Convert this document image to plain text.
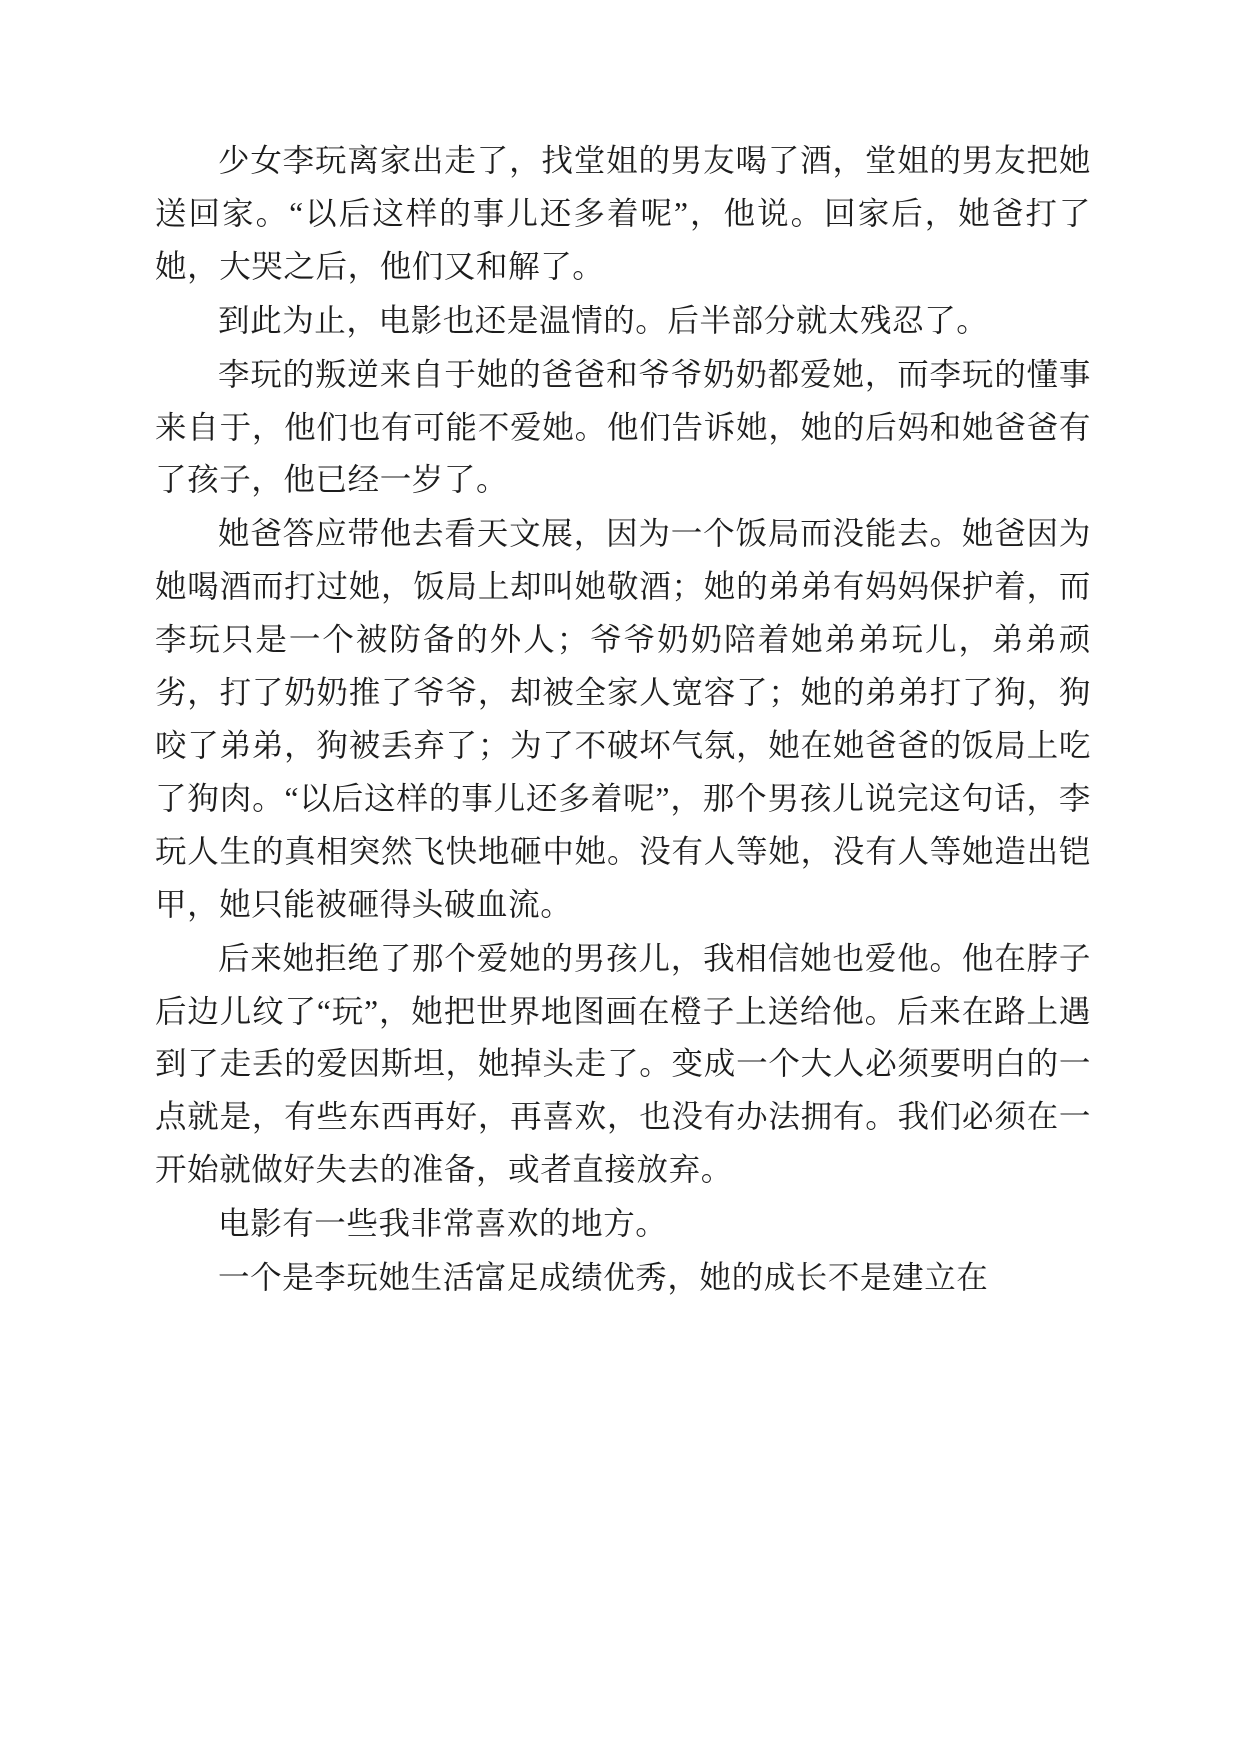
少女李玩离家出走了，找堂姐的男友喝了酒，堂姐的男友把她送回家。“以后这样的事儿还多着呢”，他说。回家后，她爸打了她，大哭之后，他们又和解了。

到此为止，电影也还是温情的。后半部分就太残忍了。

李玩的叛逆来自于她的爸爸和爷爷奶奶都爱她，而李玩的懂事来自于，他们也有可能不爱她。他们告诉她，她的后妈和她爸爸有了孩子，他已经一岁了。

她爸答应带他去看天文展，因为一个饭局而没能去。她爸因为她喝酒而打过她，饭局上却叫她敬酒；她的弟弟有妈妈保护着，而李玩只是一个被防备的外人；爷爷奶奶陪着她弟弟玩儿，弟弟顽劣，打了奶奶推了爷爷，却被全家人宽容了；她的弟弟打了狗，狗咬了弟弟，狗被丢弃了；为了不破坏气氛，她在她爸爸的饭局上吃了狗肉。“以后这样的事儿还多着呢”，那个男孩儿说完这句话，李玩人生的真相突然飞快地砸中她。没有人等她，没有人等她造出铠甲，她只能被砸得头破血流。

后来她拒绝了那个爱她的男孩儿，我相信她也爱他。他在脖子后边儿纹了“玩”，她把世界地图画在橙子上送给他。后来在路上遇到了走丢的爱因斯坦，她掉头走了。变成一个大人必须要明白的一点就是，有些东西再好，再喜欢，也没有办法拥有。我们必须在一开始就做好失去的准备，或者直接放弃。

电影有一些我非常喜欢的地方。

一个是李玩她生活富足成绩优秀，她的成长不是建立在
